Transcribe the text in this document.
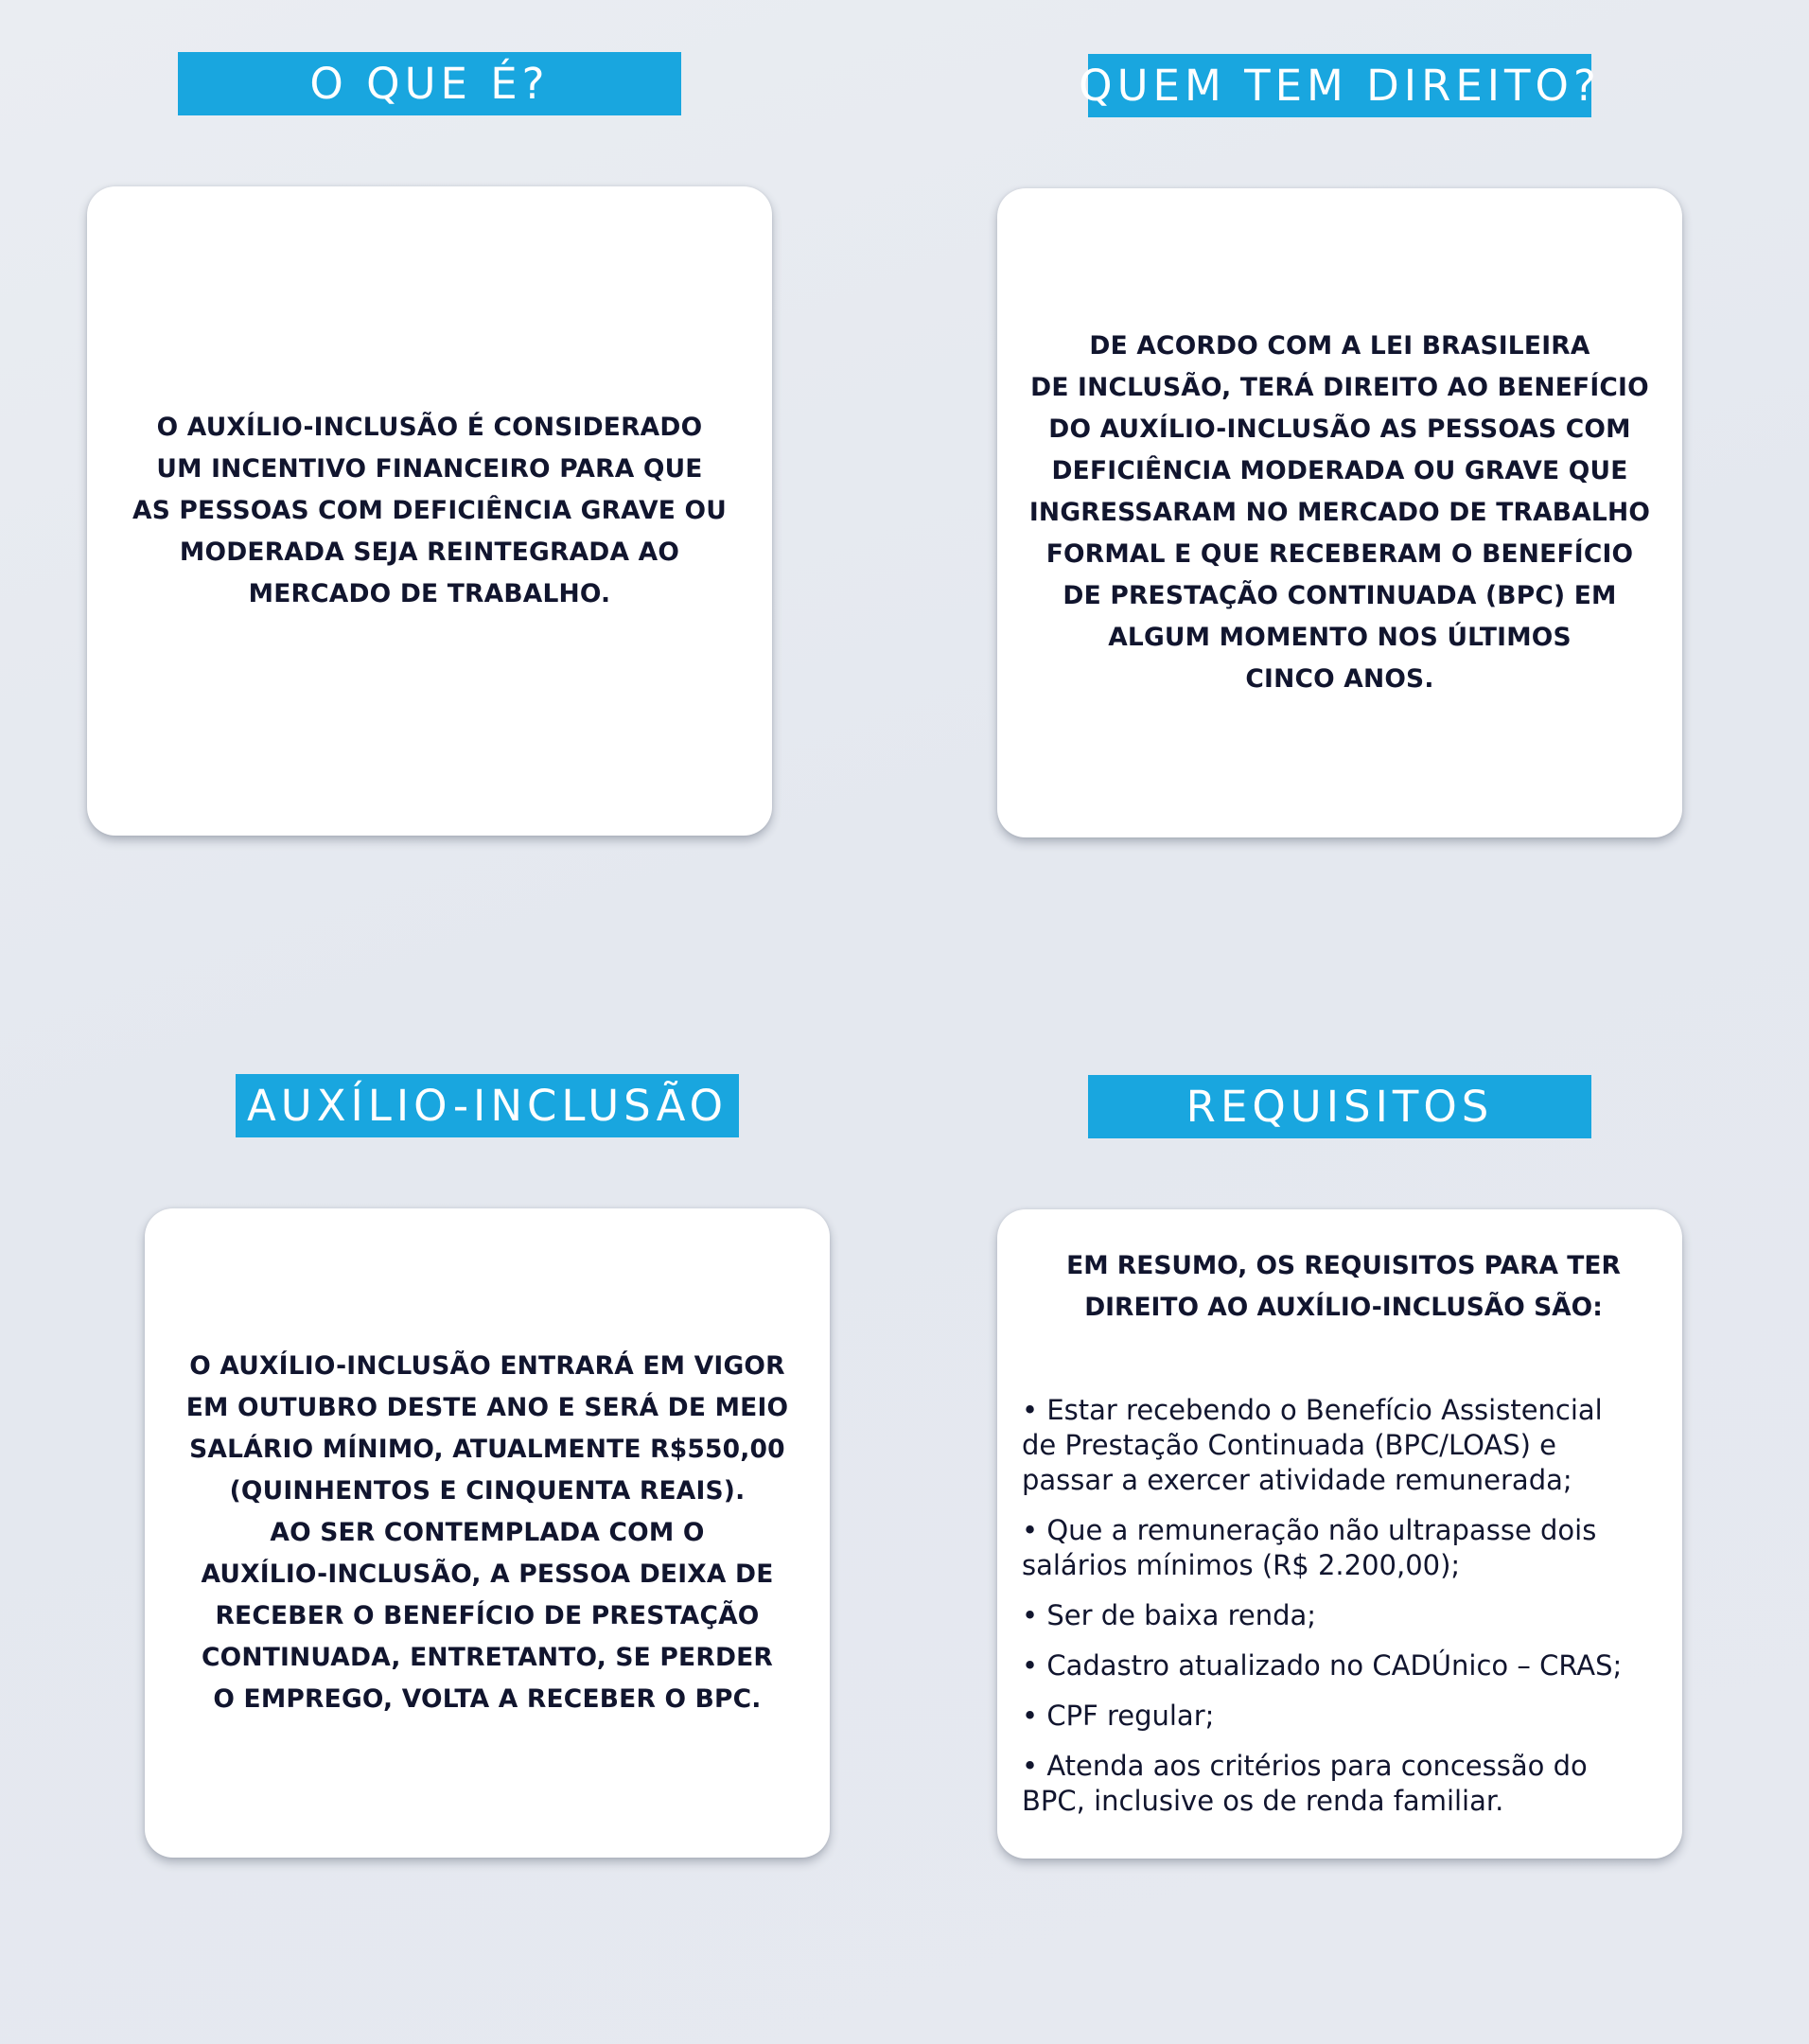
O QUE É?
O AUXÍLIO-INCLUSÃO É CONSIDERADO
UM INCENTIVO FINANCEIRO PARA QUE
AS PESSOAS COM DEFICIÊNCIA GRAVE OU
MODERADA SEJA REINTEGRADA AO
MERCADO DE TRABALHO.
QUEM TEM DIREITO?
DE ACORDO COM A LEI BRASILEIRA
DE INCLUSÃO, TERÁ DIREITO AO BENEFÍCIO
DO AUXÍLIO-INCLUSÃO AS PESSOAS COM
DEFICIÊNCIA MODERADA OU GRAVE QUE
INGRESSARAM NO MERCADO DE TRABALHO
FORMAL E QUE RECEBERAM O BENEFÍCIO
DE PRESTAÇÃO CONTINUADA (BPC) EM
ALGUM MOMENTO NOS ÚLTIMOS
CINCO ANOS.
AUXÍLIO-INCLUSÃO
O AUXÍLIO-INCLUSÃO ENTRARÁ EM VIGOR
EM OUTUBRO DESTE ANO E SERÁ DE MEIO
SALÁRIO MÍNIMO, ATUALMENTE R$550,00
(QUINHENTOS E CINQUENTA REAIS).
AO SER CONTEMPLADA COM O
AUXÍLIO-INCLUSÃO, A PESSOA DEIXA DE
RECEBER O BENEFÍCIO DE PRESTAÇÃO
CONTINUADA, ENTRETANTO, SE PERDER
O EMPREGO, VOLTA A RECEBER O BPC.
REQUISITOS
EM RESUMO, OS REQUISITOS PARA TER
DIREITO AO AUXÍLIO-INCLUSÃO SÃO:
• Estar recebendo o Benefício Assistencial
de Prestação Continuada (BPC/LOAS) e
passar a exercer atividade remunerada;
• Que a remuneração não ultrapasse dois
salários mínimos (R$ 2.200,00);
• Ser de baixa renda;
• Cadastro atualizado no CADÚnico – CRAS;
• CPF regular;
• Atenda aos critérios para concessão do
BPC, inclusive os de renda familiar.
